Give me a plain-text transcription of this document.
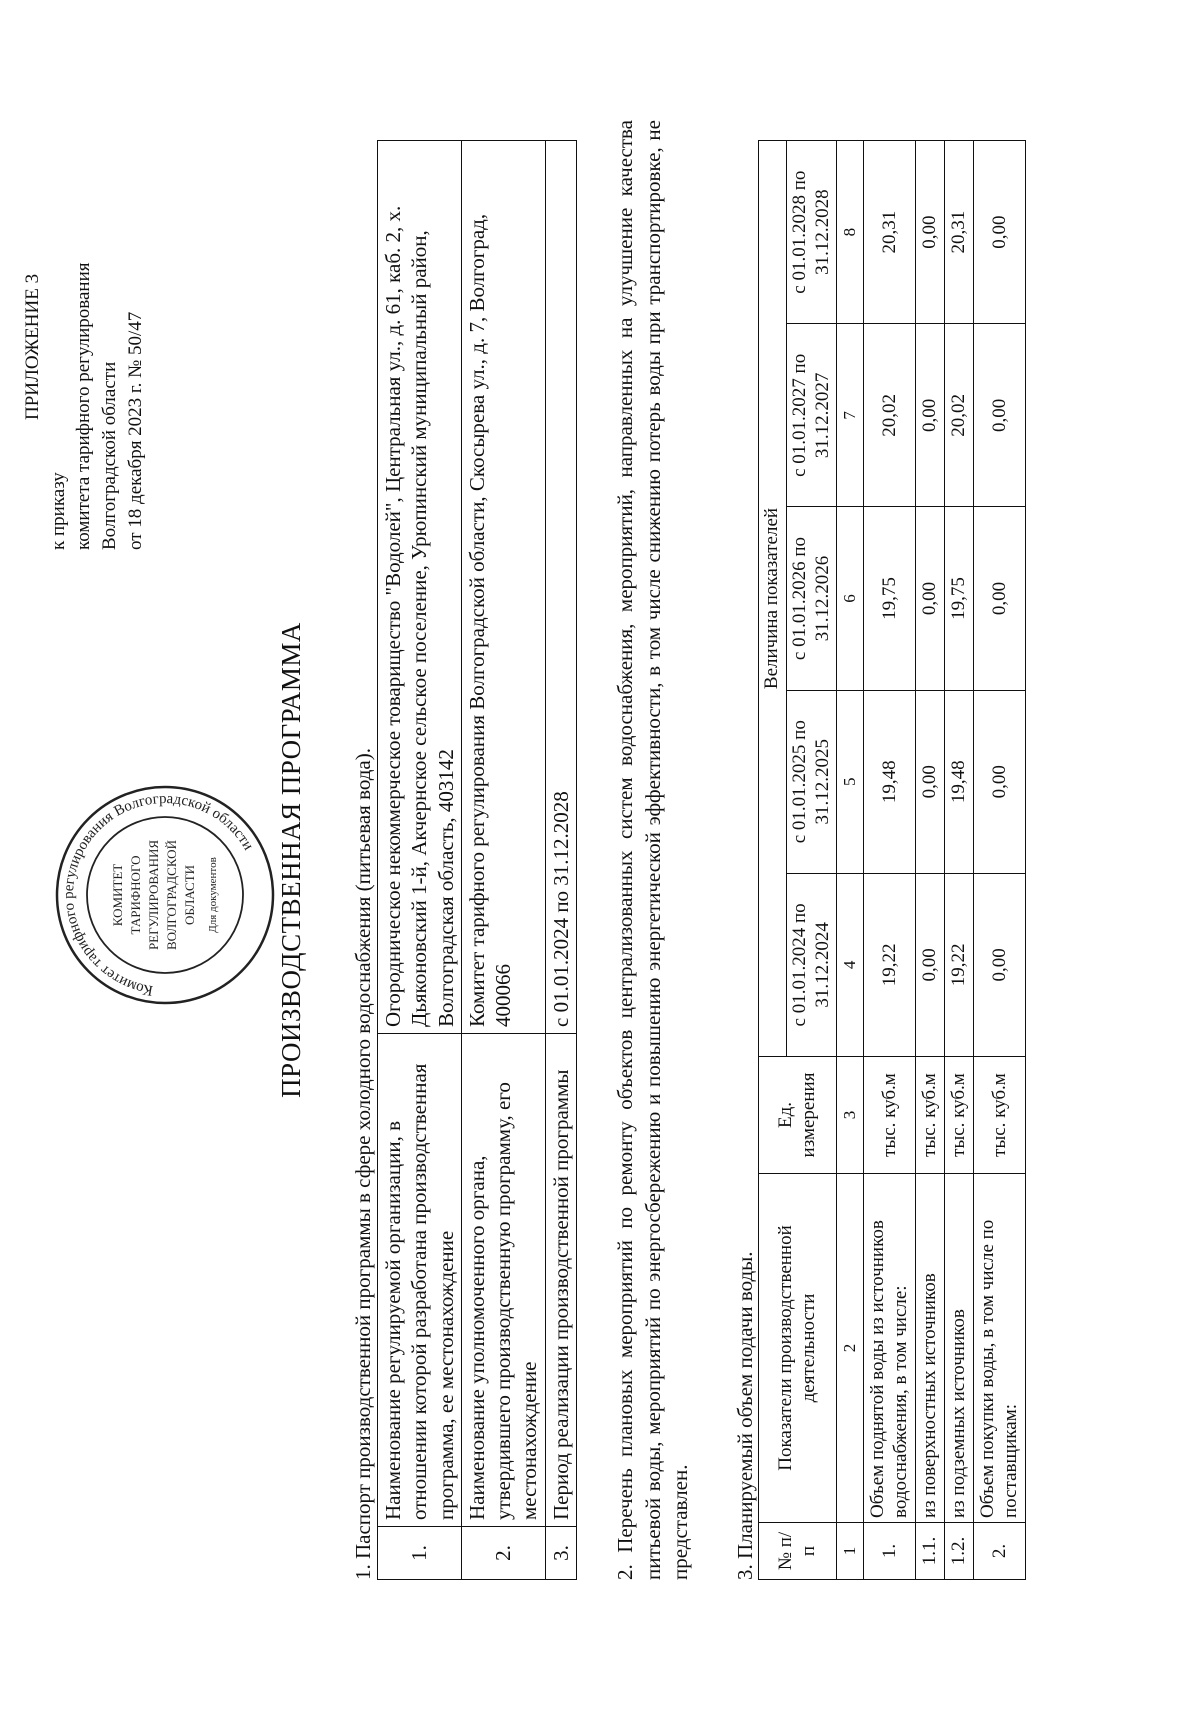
ПРИЛОЖЕНИЕ 3
к приказу комитета тарифного регулирования Волгоградской области от 18 декабря 2023 г. № 50/47
Комитет тарифного регулирования Волгоградской области
КОМИТЕТ ТАРИФНОГО РЕГУЛИРОВАНИЯ ВОЛГОГРАДСКОЙ ОБЛАСТИ Для документов ПРОИЗВОДСТВЕННАЯ ПРОГРАММА 1. Паспорт производственной программы в сфере холодного водоснабжения (питьевая вода). 1.	Наименование регулируемой организации, в отношении которой разработана производственная программа, ее местонахождение	Огородническое некоммерческое товарищество "Водолей", Центральная ул., д. 61, каб. 2, х. Дьяконовский 1-й, Акчернское сельское поселение, Урюпинский муниципальный район, Волгоградская область, 403142
2.	Наименование уполномоченного органа, утвердившего производственную программу, его местонахождение	Комитет тарифного регулирования Волгоградской области, Скосырева ул., д. 7, Волгоград, 400066
3.	Период реализации производственной программы	с 01.01.2024 по 31.12.2028 2. Перечень плановых мероприятий по ремонту объектов централизованных систем водоснабжения, мероприятий, направленных на улучшение качества питьевой воды, мероприятий по энергосбережению и повышению энергетической эффективности, в том числе снижению потерь воды при транспортировке, не представлен. 3. Планируемый объем подачи воды. № п/п	Показатели производственной деятельности	Ед. измерения	Величина показателей				
			с 01.01.2024 по 31.12.2024	с 01.01.2025 по 31.12.2025	с 01.01.2026 по 31.12.2026	с 01.01.2027 по 31.12.2027	с 01.01.2028 по 31.12.2028
1	2	3	4	5	6	7	8
1.	Объем поднятой воды из источников водоснабжения, в том числе:	тыс. куб.м	19,22	19,48	19,75	20,02	20,31
1.1.	из поверхностных источников	тыс. куб.м	0,00	0,00	0,00	0,00	0,00
1.2.	из подземных источников	тыс. куб.м	19,22	19,48	19,75	20,02	20,31
2.	Объем покупки воды, в том числе по поставщикам:	тыс. куб.м	0,00	0,00	0,00	0,00	0,00
